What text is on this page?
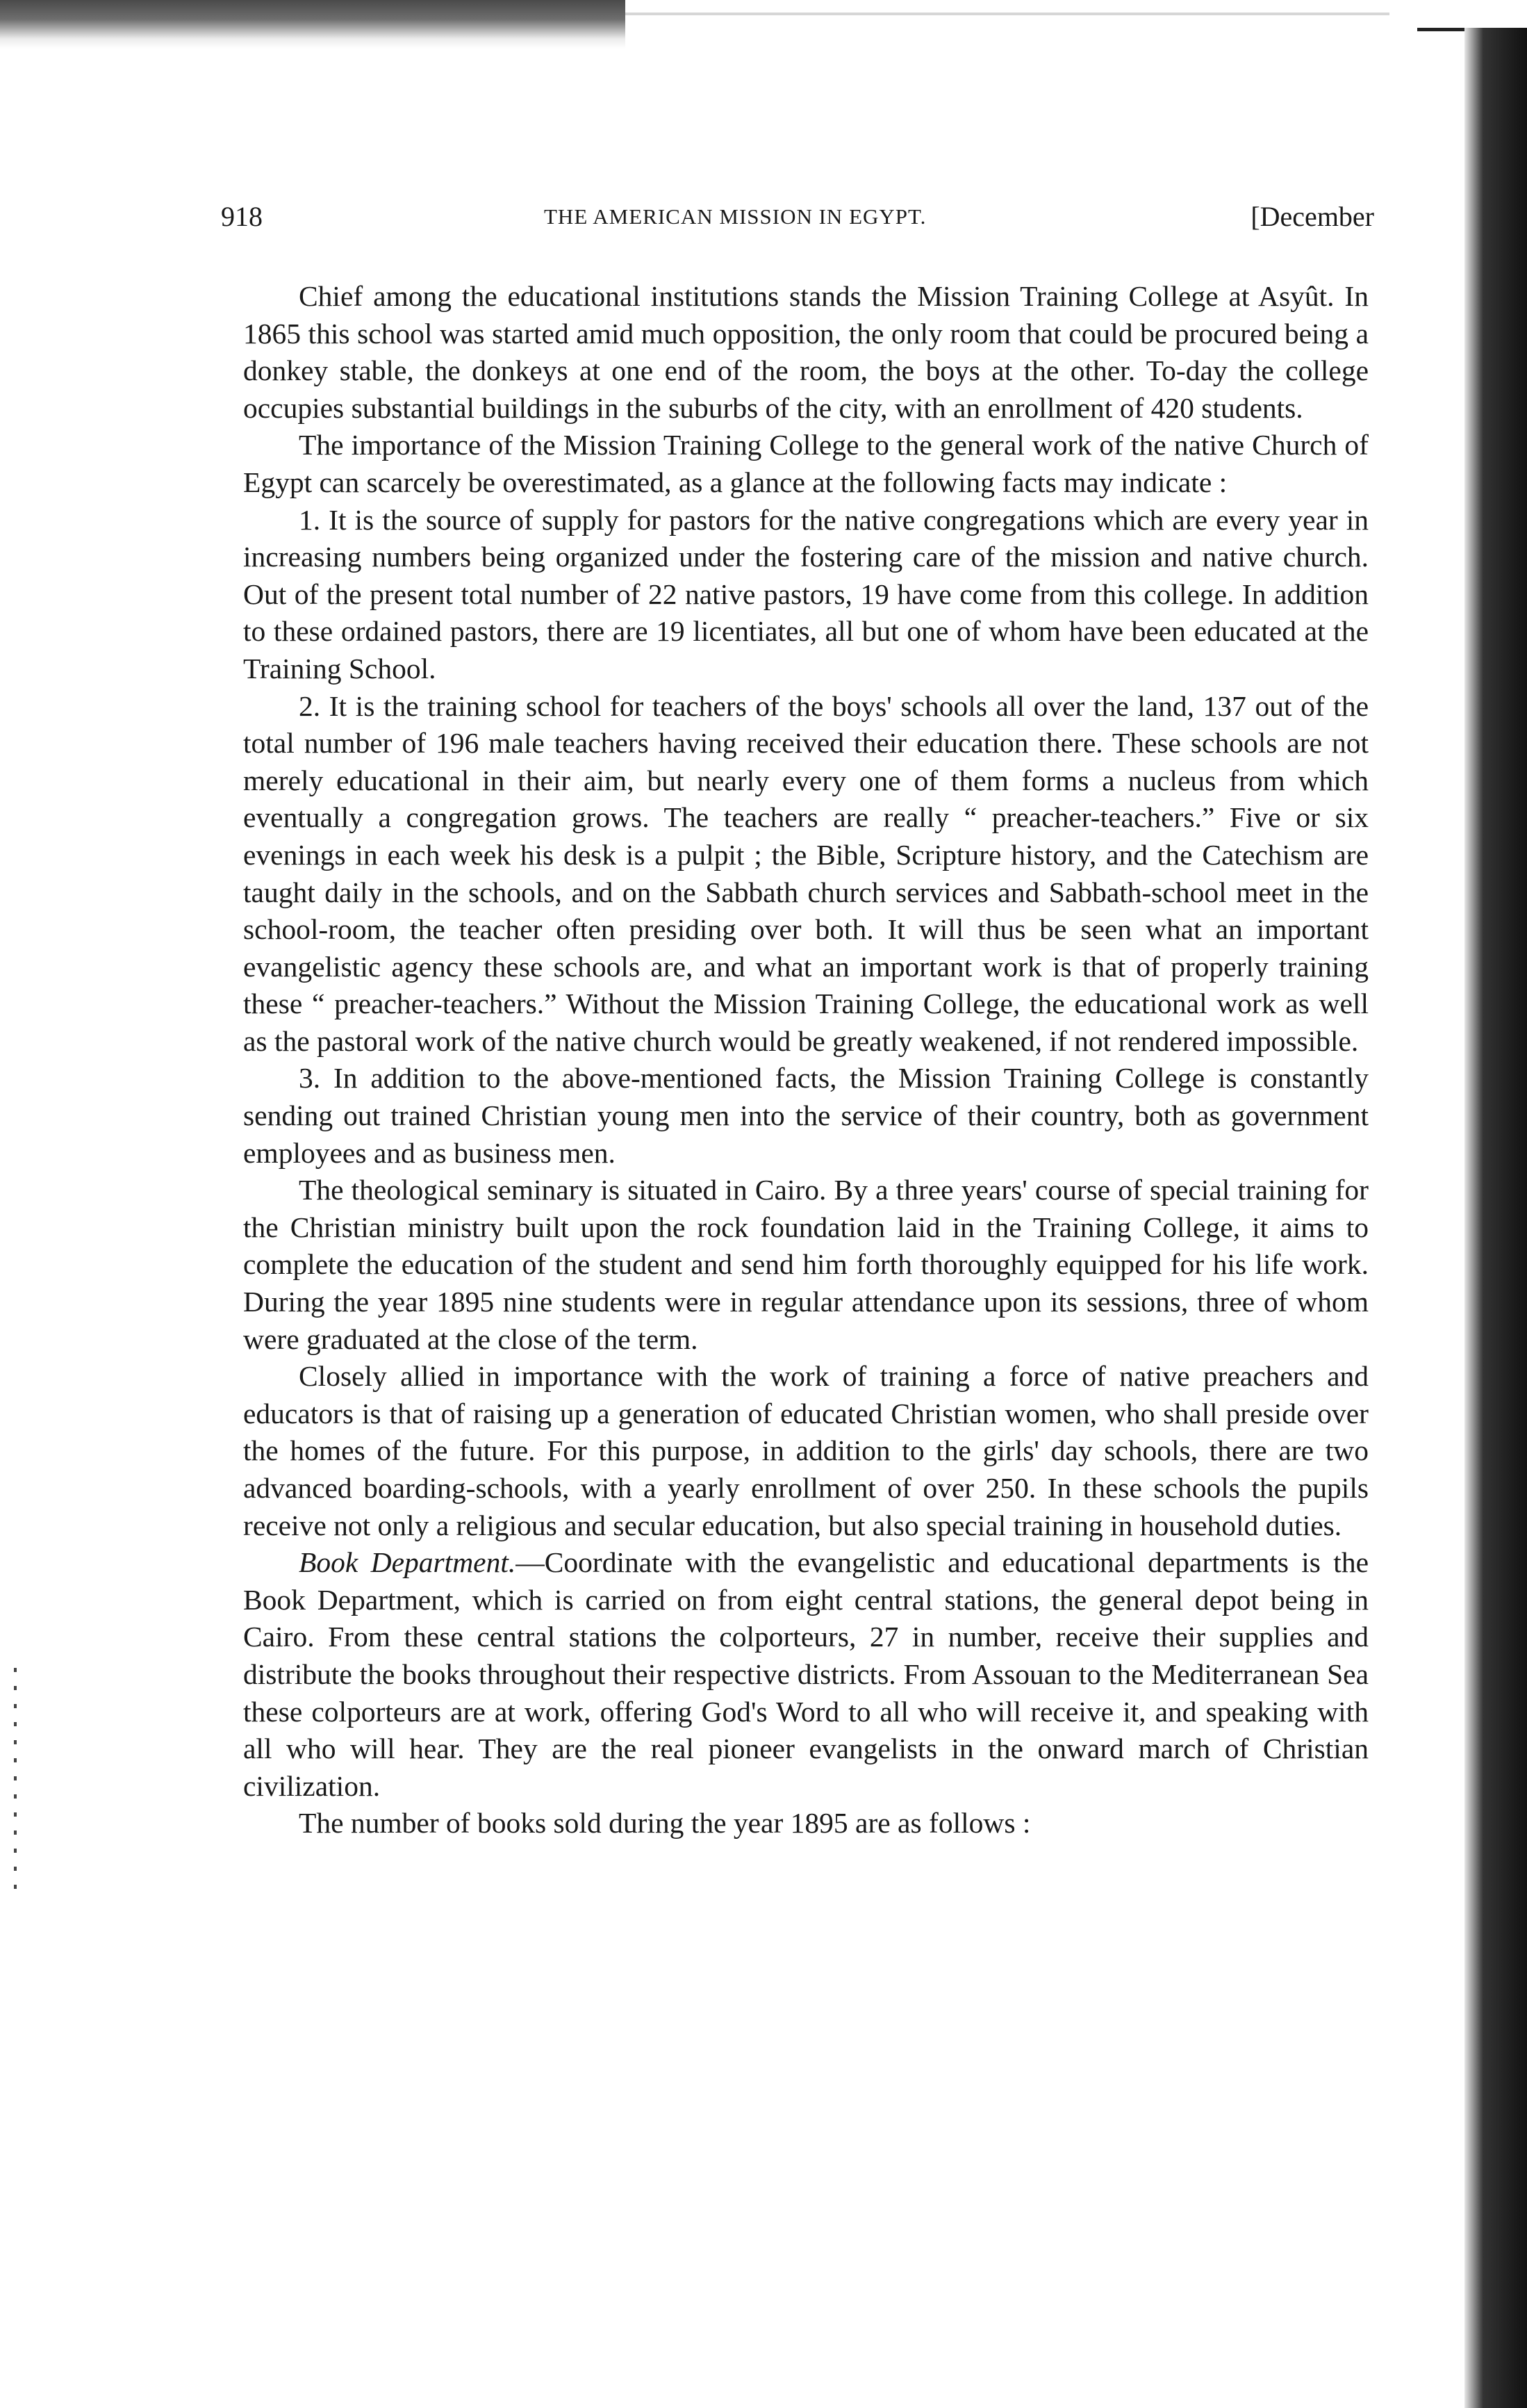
918	THE AMERICAN MISSION IN EGYPT.	[December

Chief among the educational institutions stands the Mission Training College at Asyût. In 1865 this school was started amid much opposition, the only room that could be procured being a donkey stable, the donkeys at one end of the room, the boys at the other. To-day the college occupies substantial buildings in the suburbs of the city, with an enrollment of 420 students.

The importance of the Mission Training College to the general work of the native Church of Egypt can scarcely be overestimated, as a glance at the following facts may indicate :

1. It is the source of supply for pastors for the native congregations which are every year in increasing numbers being organized under the fostering care of the mission and native church. Out of the present total number of 22 native pastors, 19 have come from this college. In addition to these ordained pastors, there are 19 licentiates, all but one of whom have been educated at the Training School.

2. It is the training school for teachers of the boys' schools all over the land, 137 out of the total number of 196 male teachers having received their education there. These schools are not merely educational in their aim, but nearly every one of them forms a nucleus from which eventually a congregation grows. The teachers are really “ preacher-teachers.” Five or six evenings in each week his desk is a pulpit ; the Bible, Scripture history, and the Catechism are taught daily in the schools, and on the Sabbath church services and Sabbath-school meet in the school-room, the teacher often presiding over both. It will thus be seen what an important evangelistic agency these schools are, and what an important work is that of properly training these “ preacher-teachers.” Without the Mission Training College, the educational work as well as the pastoral work of the native church would be greatly weakened, if not rendered impossible.

3. In addition to the above-mentioned facts, the Mission Training College is constantly sending out trained Christian young men into the service of their country, both as government employees and as business men.

The theological seminary is situated in Cairo. By a three years' course of special training for the Christian ministry built upon the rock foundation laid in the Training College, it aims to complete the education of the student and send him forth thoroughly equipped for his life work. During the year 1895 nine students were in regular attendance upon its sessions, three of whom were graduated at the close of the term.

Closely allied in importance with the work of training a force of native preachers and educators is that of raising up a generation of educated Christian women, who shall preside over the homes of the future. For this purpose, in addition to the girls' day schools, there are two advanced boarding-schools, with a yearly enrollment of over 250. In these schools the pupils receive not only a religious and secular education, but also special training in household duties.

Book Department.—Coordinate with the evangelistic and educational departments is the Book Department, which is carried on from eight central stations, the general depot being in Cairo. From these central stations the colporteurs, 27 in number, receive their supplies and distribute the books throughout their respective districts. From Assouan to the Mediterranean Sea these colporteurs are at work, offering God's Word to all who will receive it, and speaking with all who will hear. They are the real pioneer evangelists in the onward march of Christian civilization.

The number of books sold during the year 1895 are as follows :
